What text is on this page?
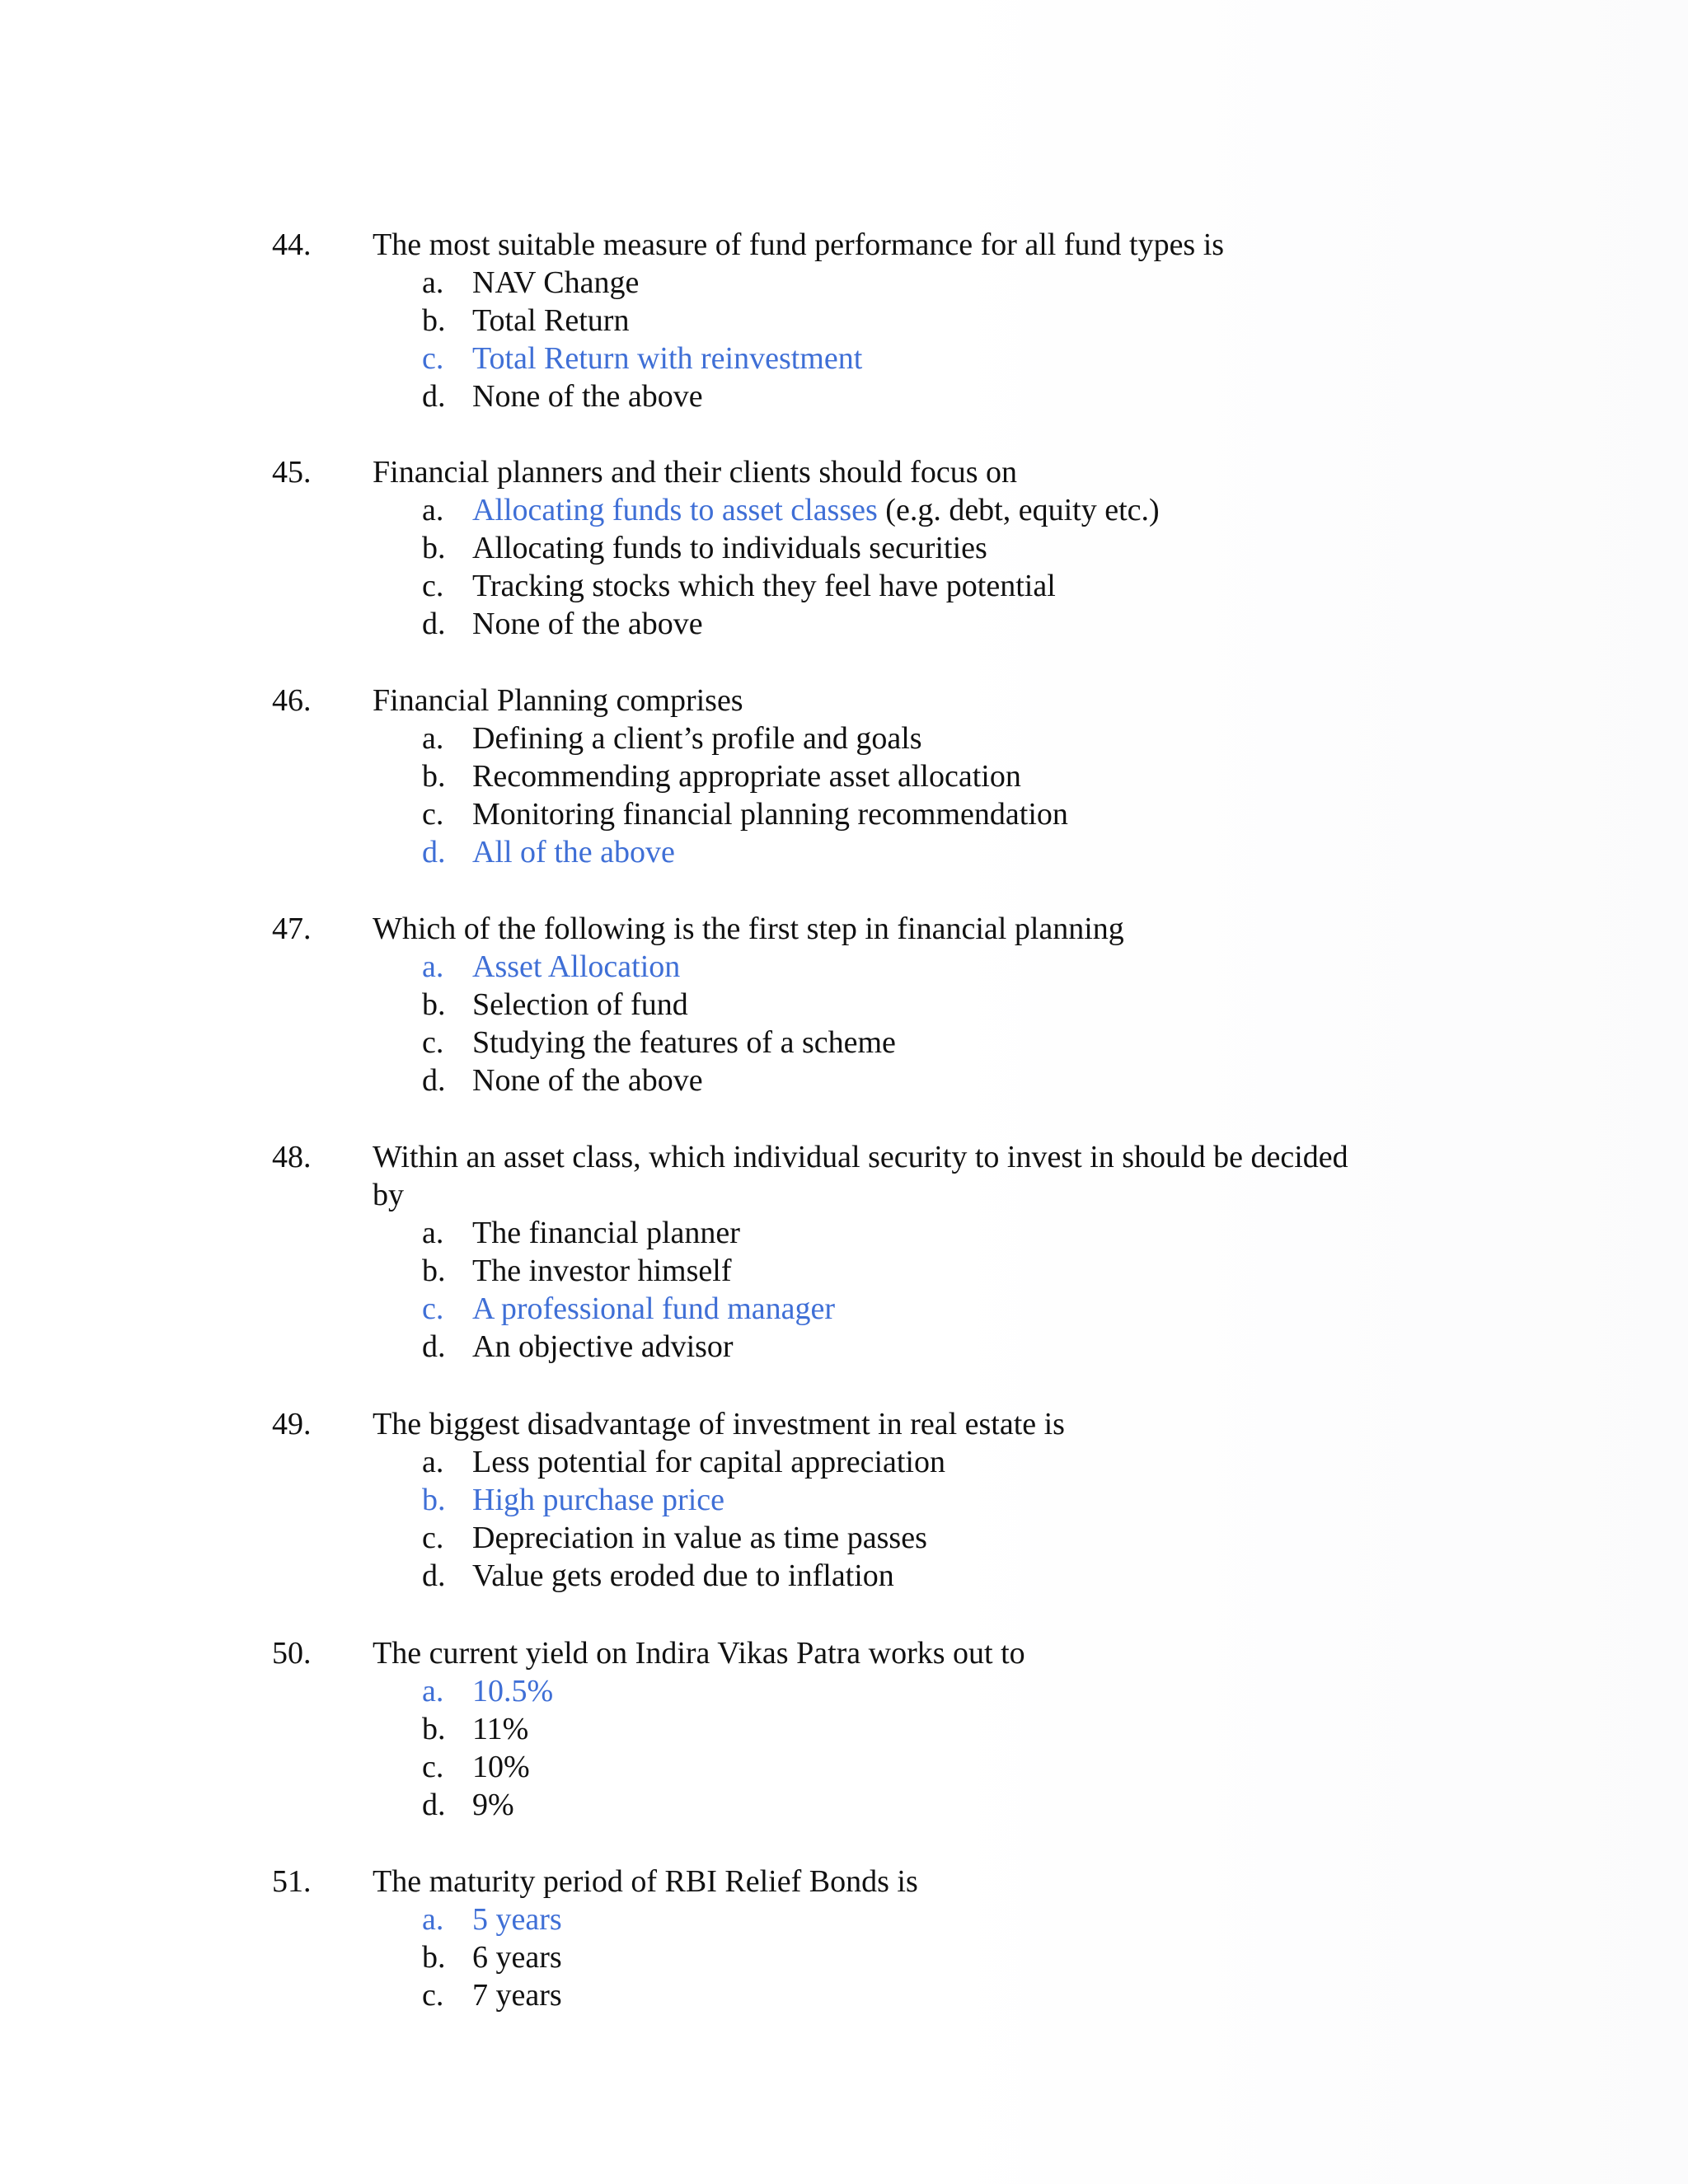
44. The most suitable measure of fund performance for all fund types is
a. NAV Change
b. Total Return
c. Total Return with reinvestment
d. None of the above
45. Financial planners and their clients should focus on
a. Allocating funds to asset classes (e.g. debt, equity etc.)
b. Allocating funds to individuals securities
c. Tracking stocks which they feel have potential
d. None of the above
46. Financial Planning comprises
a. Defining a client’s profile and goals
b. Recommending appropriate asset allocation
c. Monitoring financial planning recommendation
d. All of the above
47. Which of the following is the first step in financial planning
a. Asset Allocation
b. Selection of fund
c. Studying the features of a scheme
d. None of the above
48. Within an asset class, which individual security to invest in should be decided
by
a. The financial planner
b. The investor himself
c. A professional fund manager
d. An objective advisor
49. The biggest disadvantage of investment in real estate is
a. Less potential for capital appreciation
b. High purchase price
c. Depreciation in value as time passes
d. Value gets eroded due to inflation
50. The current yield on Indira Vikas Patra works out to
a. 10.5%
b. 11%
c. 10%
d. 9%
51. The maturity period of RBI Relief Bonds is
a. 5 years
b. 6 years
c. 7 years
